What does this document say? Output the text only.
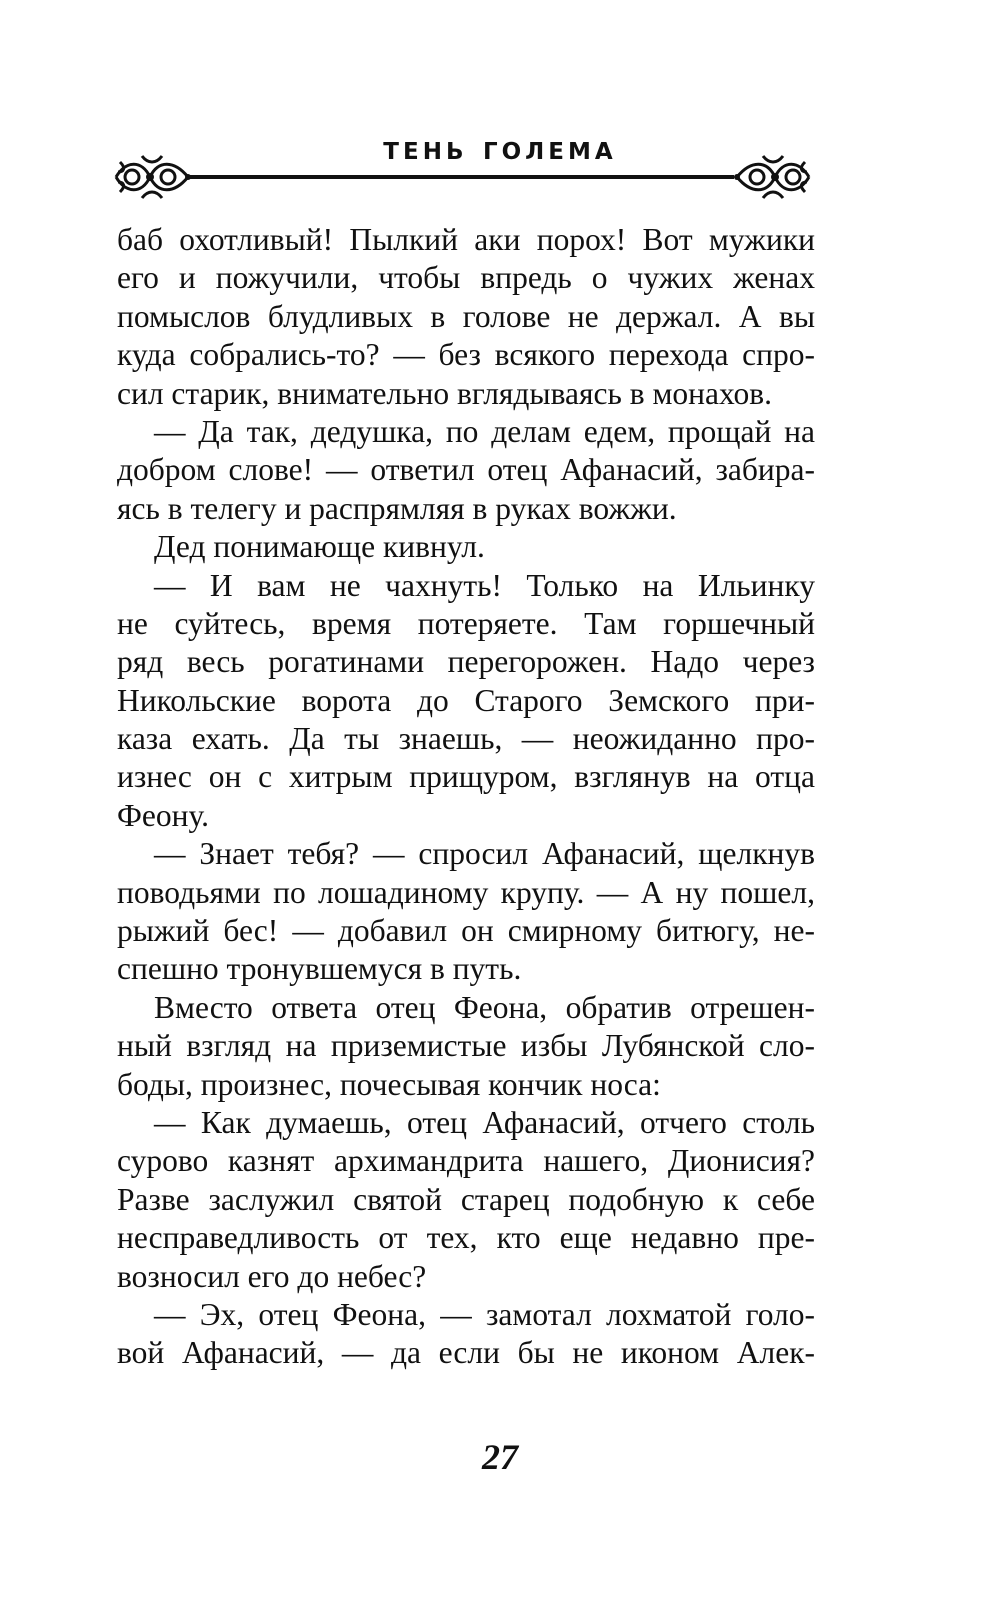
тень голема
баб охотливый! Пылкий аки порох! Вот мужики
его и пожучили, чтобы впредь о чужих женах
помыслов блудливых в голове не держал. А вы
куда собрались-то? — без всякого перехода спро-
сил старик, внимательно вглядываясь в монахов.
— Да так, дедушка, по делам едем, прощай на
добром слове! — ответил отец Афанасий, забира-
ясь в телегу и распрямляя в руках вожжи.
Дед понимающе кивнул.
— И вам не чахнуть! Только на Ильинку
не суйтесь, время потеряете. Там горшечный
ряд весь рогатинами перегорожен. Надо через
Никольские ворота до Старого Земского при-
каза ехать. Да ты знаешь, — неожиданно про-
изнес он с хитрым прищуром, взглянув на отца
Феону.
— Знает тебя? — спросил Афанасий, щелкнув
поводьями по лошадиному крупу. — А ну пошел,
рыжий бес! — добавил он смирному битюгу, не-
спешно тронувшемуся в путь.
Вместо ответа отец Феона, обратив отрешен-
ный взгляд на приземистые избы Лубянской сло-
боды, произнес, почесывая кончик носа:
— Как думаешь, отец Афанасий, отчего столь
сурово казнят архимандрита нашего, Дионисия?
Разве заслужил святой старец подобную к себе
несправедливость от тех, кто еще недавно пре-
возносил его до небес?
— Эх, отец Феона, — замотал лохматой голо-
вой Афанасий, — да если бы не иконом Алек-
27
